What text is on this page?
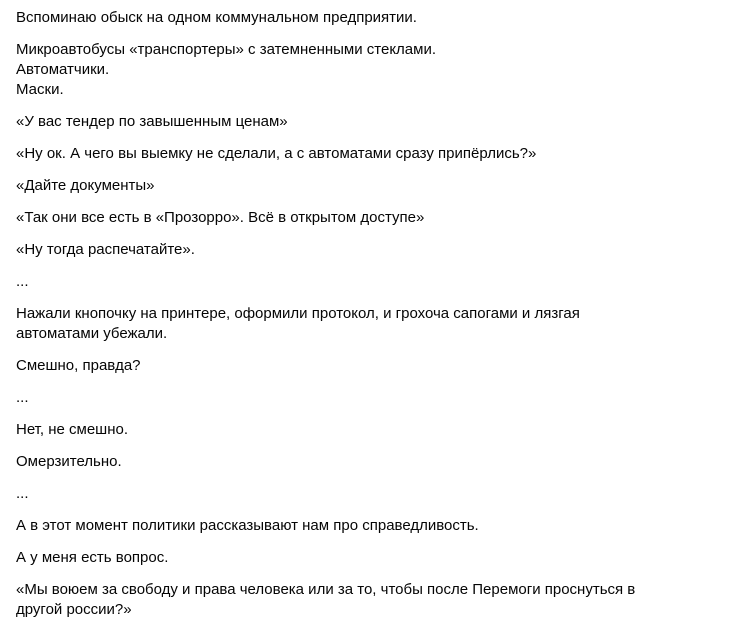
Вспоминаю обыск на одном коммунальном предприятии.

Микроавтобусы «транспортеры» с затемненными стеклами.
Автоматчики.
Маски.

«У вас тендер по завышенным ценам»

«Ну ок. А чего вы выемку не сделали, а с автоматами сразу припёрлись?»

«Дайте документы»

«Так они все есть в «Прозорро». Всё в открытом доступе»

«Ну тогда распечатайте».

...

Нажали кнопочку на принтере, оформили протокол, и грохоча сапогами и лязгая
автоматами убежали.

Смешно, правда?

...

Нет, не смешно.

Омерзительно.

...

А в этот момент политики рассказывают нам про справедливость.

А у меня есть вопрос.

«Мы воюем за свободу и права человека или за то, чтобы после Перемоги проснуться в
другой россии?»
